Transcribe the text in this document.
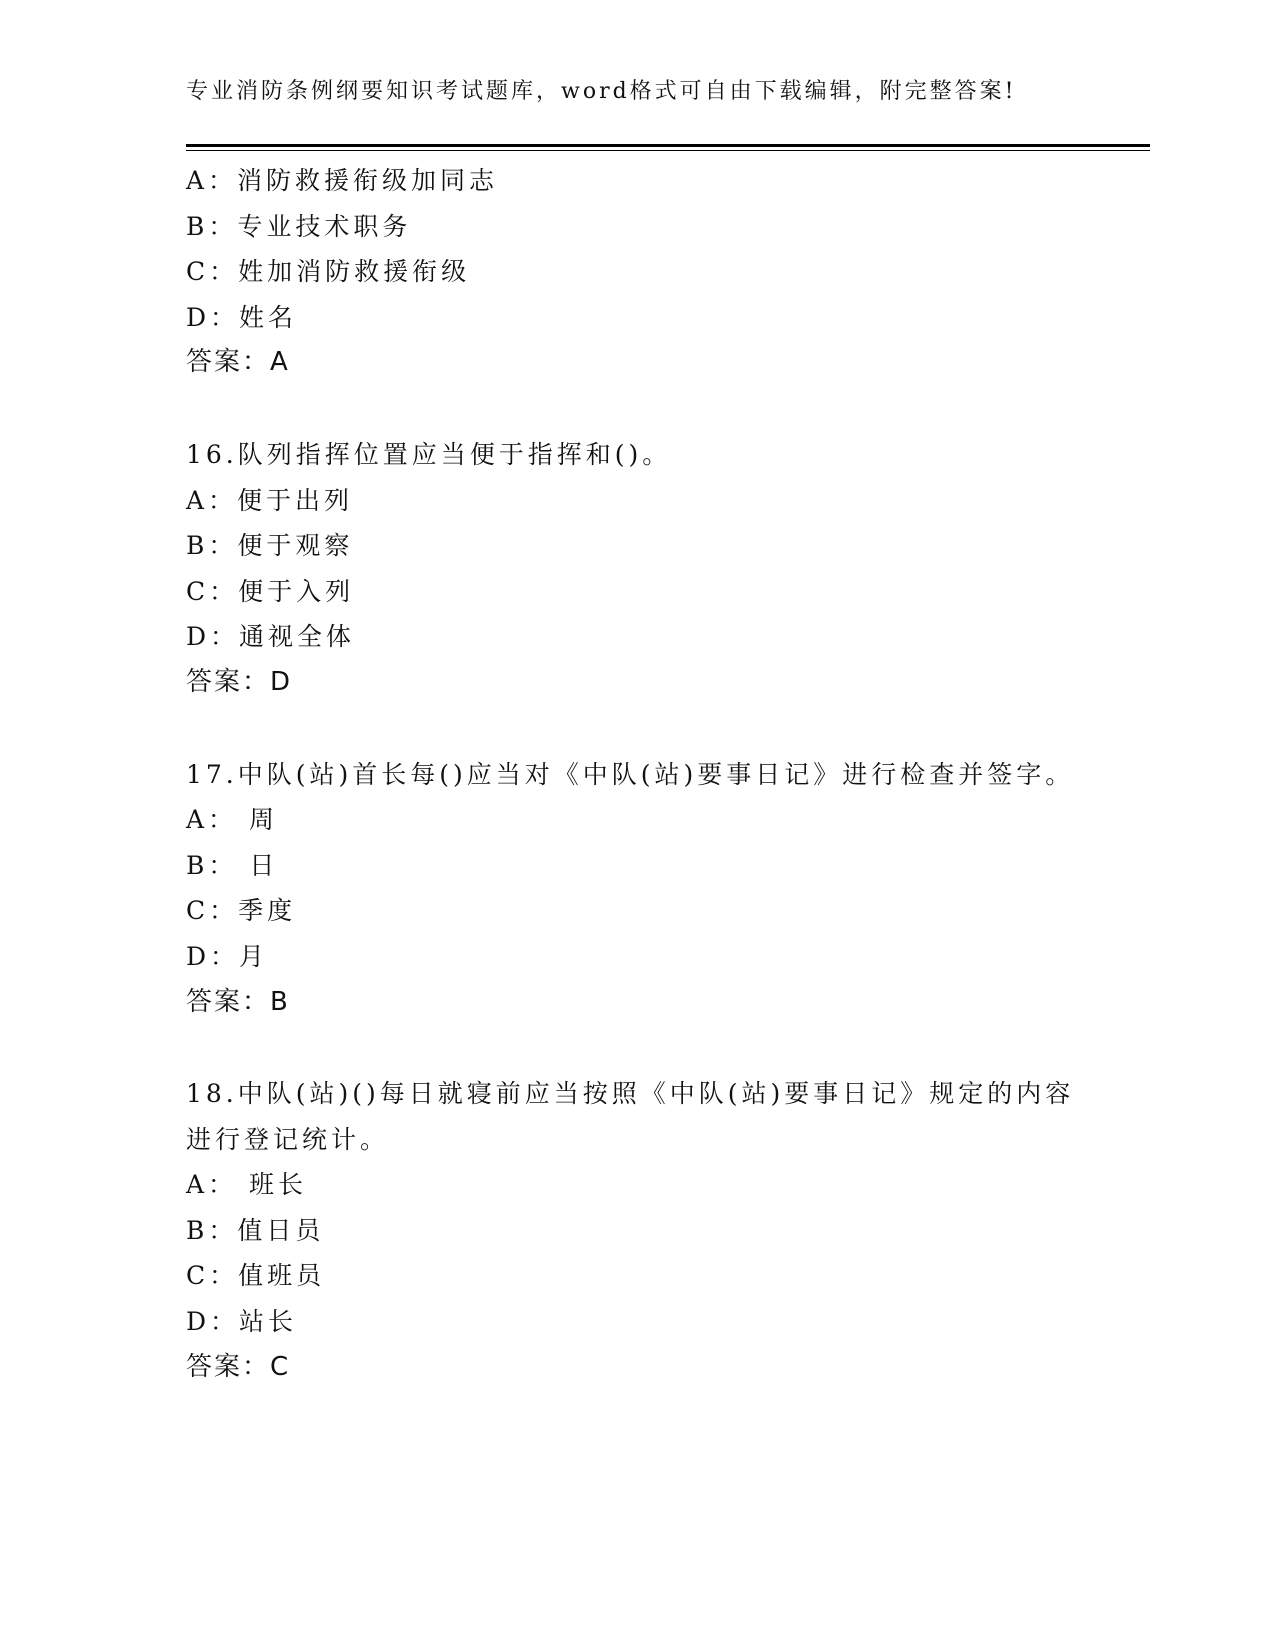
专业消防条例纲要知识考试题库，word格式可自由下载编辑，附完整答案!
A：消防救援衔级加同志
B：专业技术职务
C：姓加消防救援衔级
D：姓名
答案：A
16.队列指挥位置应当便于指挥和()。
A：便于出列
B：便于观察
C：便于入列
D：通视全体
答案：D
17.中队(站)首长每()应当对《中队(站)要事日记》进行检查并签字。
A： 周
B： 日
C：季度
D：月
答案：B
18.中队(站)()每日就寝前应当按照《中队(站)要事日记》规定的内容
进行登记统计。
A： 班长
B：值日员
C：值班员
D：站长
答案：C
